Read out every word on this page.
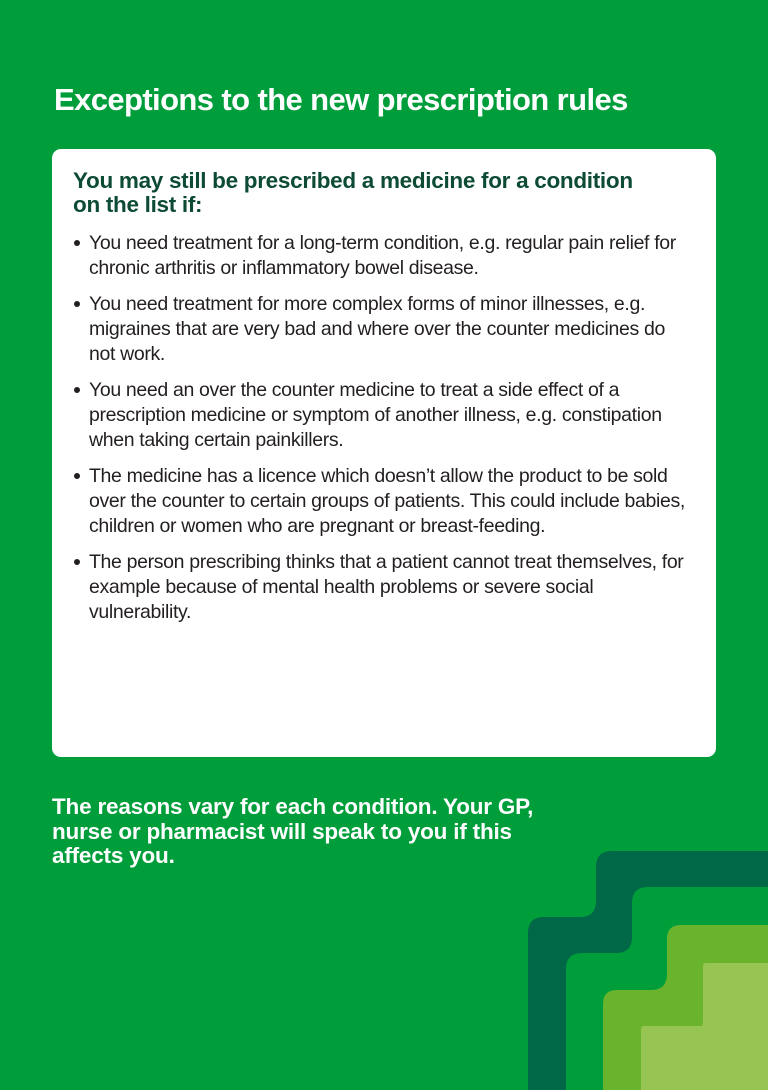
Exceptions to the new prescription rules
You may still be prescribed a medicine for a condition on the list if:
You need treatment for a long-term condition, e.g. regular pain relief for chronic arthritis or inflammatory bowel disease.
You need treatment for more complex forms of minor illnesses, e.g. migraines that are very bad and where over the counter medicines do not work.
You need an over the counter medicine to treat a side effect of a prescription medicine or symptom of another illness, e.g. constipation when taking certain painkillers.
The medicine has a licence which doesn’t allow the product to be sold over the counter to certain groups of patients. This could include babies, children or women who are pregnant or breast-feeding.
The person prescribing thinks that a patient cannot treat themselves, for example because of mental health problems or severe social vulnerability.

The reasons vary for each condition. Your GP, nurse or pharmacist will speak to you if this affects you.
